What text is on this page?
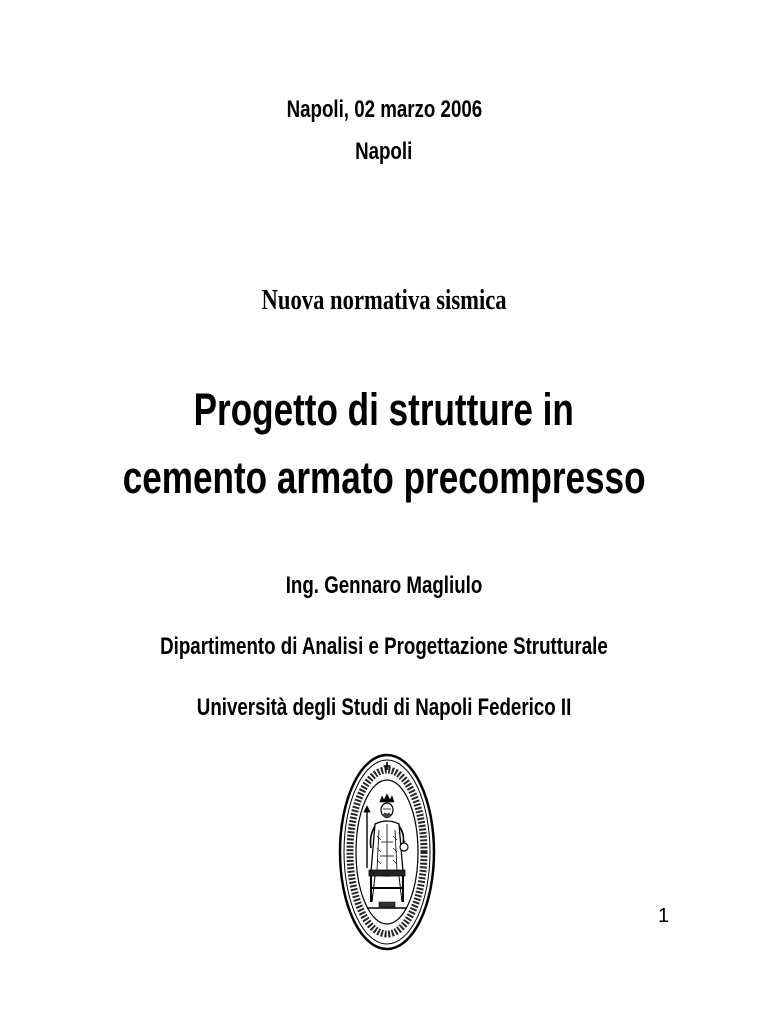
Napoli, 02 marzo 2006
Napoli
Nuova normativa sismica
Progetto di strutture in
cemento armato precompresso
Ing. Gennaro Magliulo
Dipartimento di Analisi e Progettazione Strutturale
Università degli Studi di Napoli Federico II
1
